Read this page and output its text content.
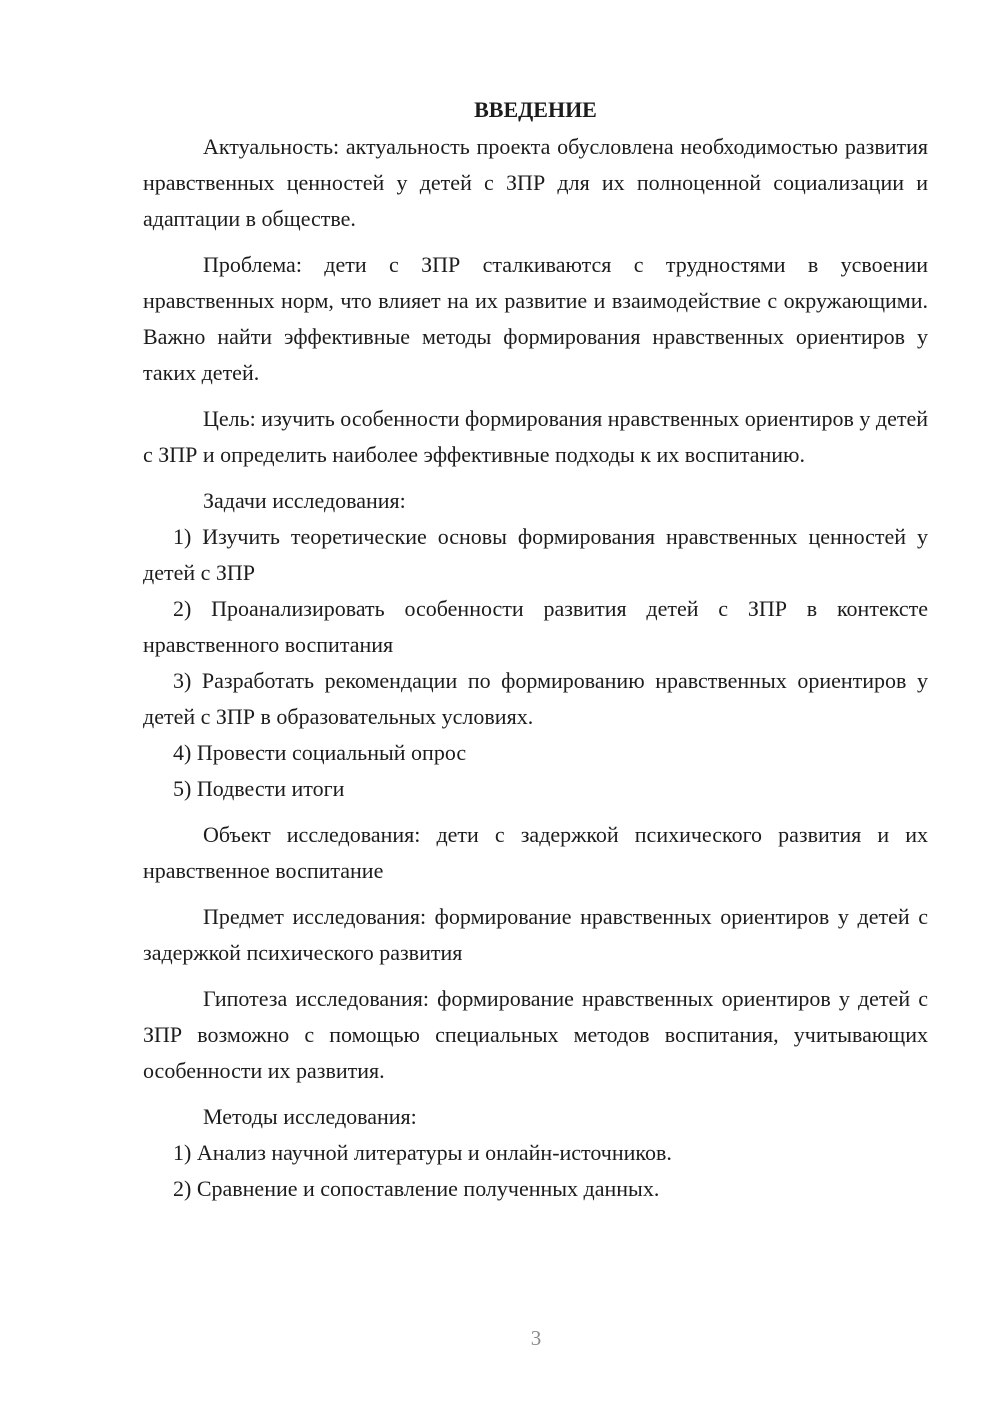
ВВЕДЕНИЕ

Актуальность: актуальность проекта обусловлена необходимостью развития нравственных ценностей у детей с ЗПР для их полноценной социализации и адаптации в обществе.

Проблема: дети с ЗПР сталкиваются с трудностями в усвоении нравственных норм, что влияет на их развитие и взаимодействие с окружающими. Важно найти эффективные методы формирования нравственных ориентиров у таких детей.

Цель: изучить особенности формирования нравственных ориентиров у детей с ЗПР и определить наиболее эффективные подходы к их воспитанию.

Задачи исследования:

1) Изучить теоретические основы формирования нравственных ценностей у детей с ЗПР

2) Проанализировать особенности развития детей с ЗПР в контексте нравственного воспитания

3) Разработать рекомендации по формированию нравственных ориентиров у детей с ЗПР в образовательных условиях.

4) Провести социальный опрос

5) Подвести итоги

Объект исследования: дети с задержкой психического развития и их нравственное воспитание

Предмет исследования: формирование нравственных ориентиров у детей с задержкой психического развития

Гипотеза исследования: формирование нравственных ориентиров у детей с ЗПР возможно с помощью специальных методов воспитания, учитывающих особенности их развития.

Методы исследования:

1) Анализ научной литературы и онлайн-источников.

2) Сравнение и сопоставление полученных данных.

3
